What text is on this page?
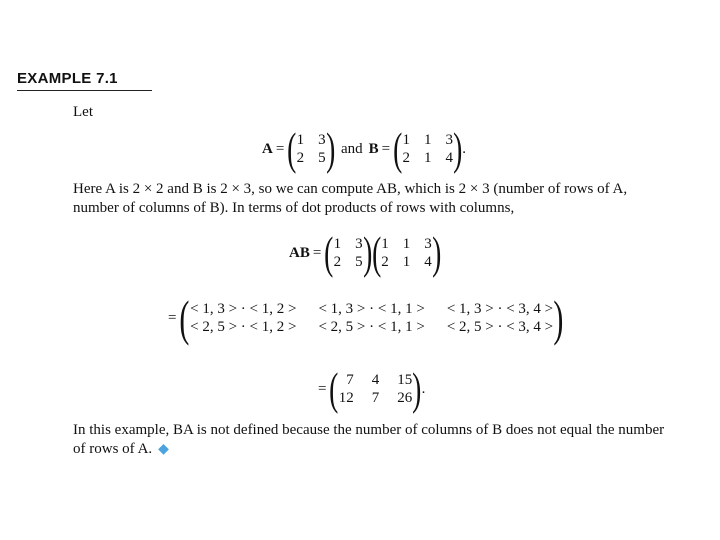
EXAMPLE 7.1
Let
A = ( 1 3
2 5 ) and B = ( 1 1 3
2 1 4 ) .
Here A is 2 × 2 and B is 2 × 3, so we can compute AB, which is 2 × 3 (number of rows of A,
number of columns of B). In terms of dot products of rows with columns,
AB = ( 1 3
2 5 ) ( 1 1 3
2 1 4 )
= ( < 1, 3 > · < 1, 2 > < 1, 3 > · < 1, 1 > < 1, 3 > · < 3, 4 >
< 2, 5 > · < 1, 2 > < 2, 5 > · < 1, 1 > < 2, 5 > · < 3, 4 > )
= ( 7 4 15
12 7 26 ) .
In this example, BA is not defined because the number of columns of B does not equal the number
of rows of A. ◆
